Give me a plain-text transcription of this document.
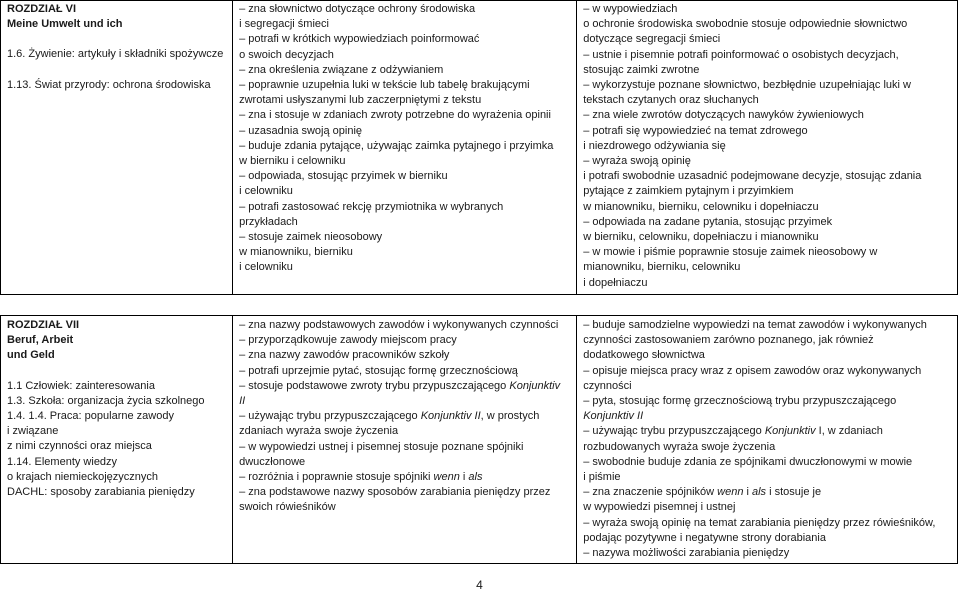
ROZDZIAŁ VI
Meine Umwelt und ich
1.6. Żywienie: artykuły i składniki spożywcze
1.13. Świat przyrody: ochrona środowiska

– zna słownictwo dotyczące ochrony środowiska
i segregacji śmieci
– potrafi w krótkich wypowiedziach poinformować
o swoich decyzjach
– zna określenia związane z odżywianiem
– poprawnie uzupełnia luki w tekście lub tabelę brakującymi
zwrotami usłyszanymi lub zaczerpniętymi z tekstu
– zna i stosuje w zdaniach zwroty potrzebne do wyrażenia opinii
– uzasadnia swoją opinię
– buduje zdania pytające, używając zaimka pytajnego i przyimka
w bierniku i celowniku
– odpowiada, stosując przyimek w bierniku
i celowniku
– potrafi zastosować rekcję przymiotnika w wybranych
przykładach
– stosuje zaimek nieosobowy
w mianowniku, bierniku
i celowniku

– w wypowiedziach
o ochronie środowiska swobodnie stosuje odpowiednie słownictwo
dotyczące segregacji śmieci
– ustnie i pisemnie potrafi poinformować o osobistych decyzjach,
stosując zaimki zwrotne
– wykorzystuje poznane słownictwo, bezbłędnie uzupełniając luki w
tekstach czytanych oraz słuchanych
– zna wiele zwrotów dotyczących nawyków żywieniowych
– potrafi się wypowiedzieć na temat zdrowego
i niezdrowego odżywiania się
– wyraża swoją opinię
i potrafi swobodnie uzasadnić podejmowane decyzje, stosując zdania
pytające z zaimkiem pytajnym i przyimkiem
w mianowniku, bierniku, celowniku i dopełniaczu
– odpowiada na zadane pytania, stosując przyimek
w bierniku, celowniku, dopełniaczu i mianowniku
– w mowie i piśmie poprawnie stosuje zaimek nieosobowy w
mianowniku, bierniku, celowniku
i dopełniaczu
ROZDZIAŁ VII
Beruf, Arbeit
und Geld
1.1 Człowiek: zainteresowania
1.3. Szkoła: organizacja życia szkolnego
1.4. 1.4. Praca: popularne zawody
i związane
z nimi czynności oraz miejsca
1.14. Elementy wiedzy
o krajach niemieckojęzycznych
DACHL: sposoby zarabiania pieniędzy

– zna nazwy podstawowych zawodów i wykonywanych czynności
– przyporządkowuje zawody miejscom pracy
– zna nazwy zawodów pracowników szkoły
– potrafi uprzejmie pytać, stosując formę grzecznościową
– stosuje podstawowe zwroty trybu przypuszczającego Konjunktiv
II
– używając trybu przypuszczającego Konjunktiv II, w prostych
zdaniach wyraża swoje życzenia
– w wypowiedzi ustnej i pisemnej stosuje poznane spójniki
dwuczłonowe
– rozróżnia i poprawnie stosuje spójniki wenn i als
– zna podstawowe nazwy sposobów zarabiania pieniędzy przez
swoich rówieśników

– buduje samodzielne wypowiedzi na temat zawodów i wykonywanych
czynności zastosowaniem zarówno poznanego, jak również
dodatkowego słownictwa
– opisuje miejsca pracy wraz z opisem zawodów oraz wykonywanych
czynności
– pyta, stosując formę grzecznościową trybu przypuszczającego
Konjunktiv II
– używając trybu przypuszczającego Konjunktiv I, w zdaniach
rozbudowanych wyraża swoje życzenia
– swobodnie buduje zdania ze spójnikami dwuczłonowymi w mowie
i piśmie
– zna znaczenie spójników wenn i als i stosuje je
w wypowiedzi pisemnej i ustnej
– wyraża swoją opinię na temat zarabiania pieniędzy przez rówieśników,
podając pozytywne i negatywne strony dorabiania
– nazywa możliwości zarabiania pieniędzy
4
